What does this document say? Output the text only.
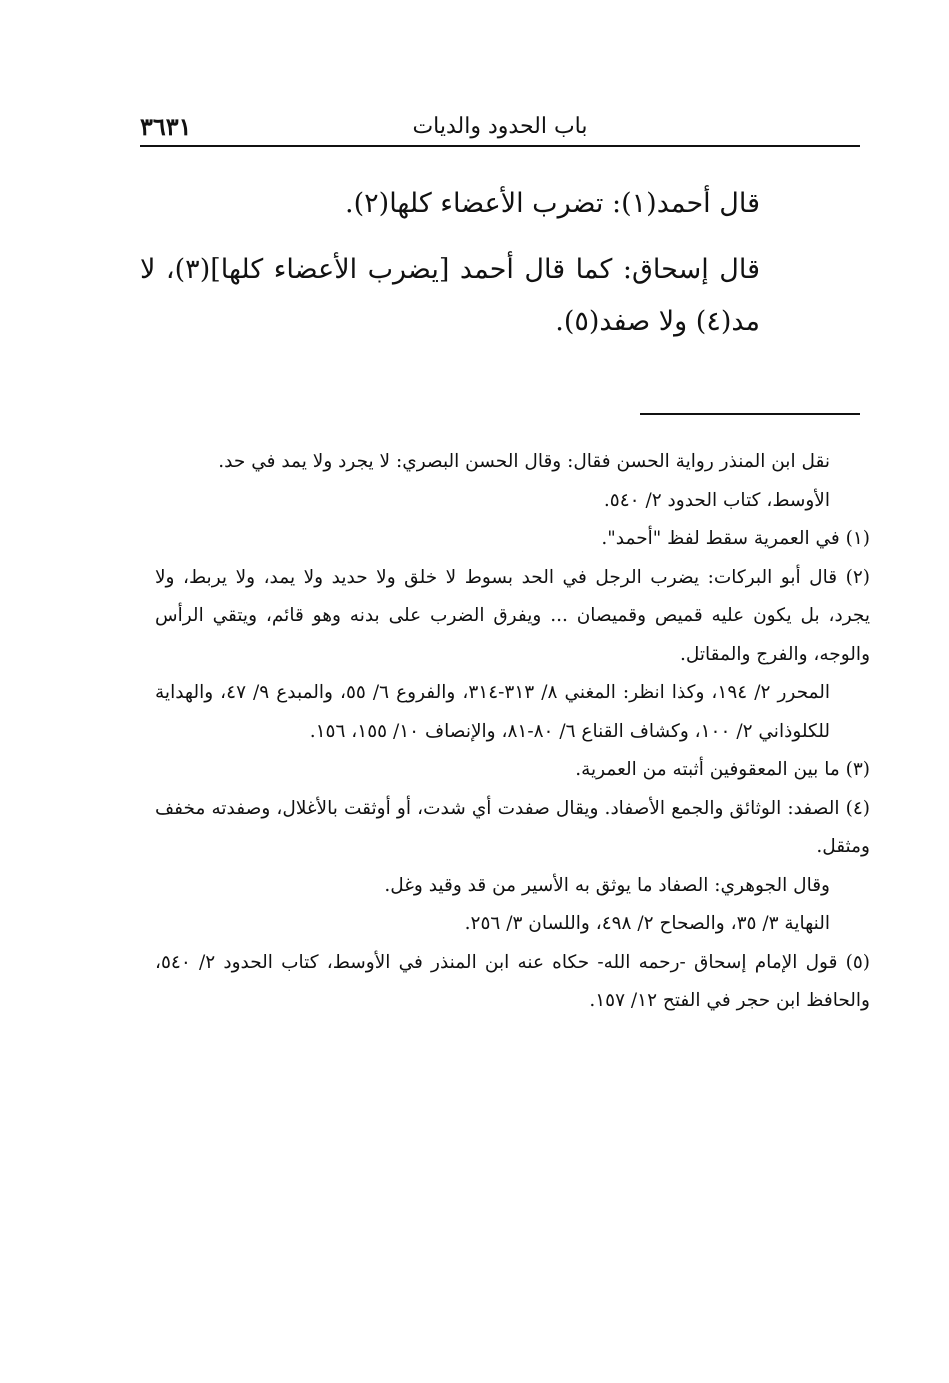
٣٦٣١	باب الحدود والديات

قال أحمد(١): تضرب الأعضاء كلها(٢).

قال إسحاق: كما قال أحمد [يضرب الأعضاء كلها](٣)، لا مد(٤) ولا صفد(٥).

نقل ابن المنذر رواية الحسن فقال: وقال الحسن البصري: لا يجرد ولا يمد في حد.

الأوسط، كتاب الحدود ٢/ ٥٤٠.

(١) في العمرية سقط لفظ "أحمد".

(٢) قال أبو البركات: يضرب الرجل في الحد بسوط لا خلق ولا حديد ولا يمد، ولا يربط، ولا يجرد، بل يكون عليه قميص وقميصان ... ويفرق الضرب على بدنه وهو قائم، ويتقي الرأس والوجه، والفرج والمقاتل.

المحرر ٢/ ١٩٤، وكذا انظر: المغني ٨/ ٣١٣-٣١٤، والفروع ٦/ ٥٥، والمبدع ٩/ ٤٧، والهداية للكلوذاني ٢/ ١٠٠، وكشاف القناع ٦/ ٨٠-٨١، والإنصاف ١٠/ ١٥٥، ١٥٦.

(٣) ما بين المعقوفين أثبته من العمرية.

(٤) الصفد: الوثائق والجمع الأصفاد. ويقال صفدت أي شدت، أو أوثقت بالأغلال، وصفدته مخفف ومثقل.

وقال الجوهري: الصفاد ما يوثق به الأسير من قد وقيد وغل.

النهاية ٣/ ٣٥، والصحاح ٢/ ٤٩٨، واللسان ٣/ ٢٥٦.

(٥) قول الإمام إسحاق -رحمه الله- حكاه عنه ابن المنذر في الأوسط، كتاب الحدود ٢/ ٥٤٠، والحافظ ابن حجر في الفتح ١٢/ ١٥٧.
